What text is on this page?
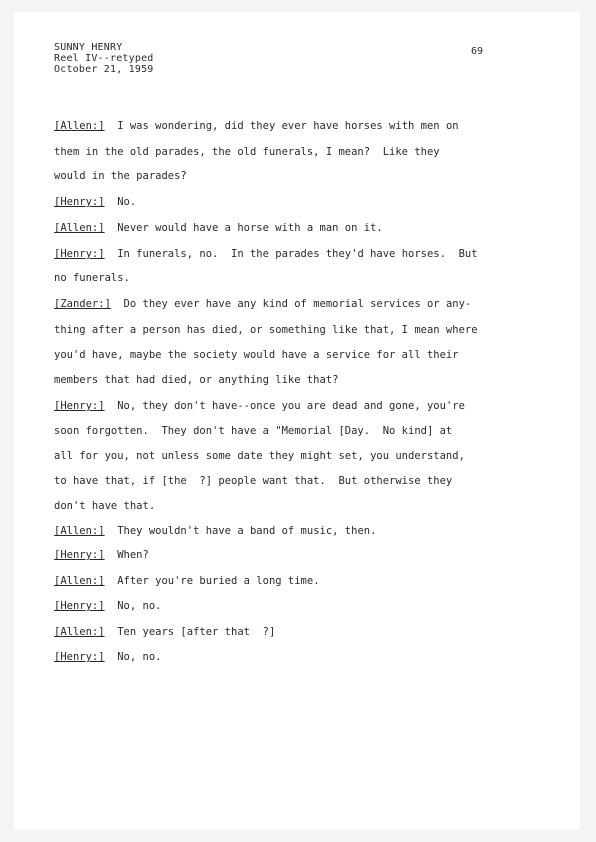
SUNNY HENRY
Reel IV--retyped
October 21, 1959
69
[Allen:]  I was wondering, did they ever have horses with men on
them in the old parades, the old funerals, I mean?  Like they
would in the parades?
[Henry:]  No.
[Allen:]  Never would have a horse with a man on it.
[Henry:]  In funerals, no.  In the parades they'd have horses.  But
no funerals.
[Zander:]  Do they ever have any kind of memorial services or any-
thing after a person has died, or something like that, I mean where
you'd have, maybe the society would have a service for all their
members that had died, or anything like that?
[Henry:]  No, they don't have--once you are dead and gone, you're
soon forgotten.  They don't have a "Memorial [Day.  No kind] at
all for you, not unless some date they might set, you understand,
to have that, if [the  ?] people want that.  But otherwise they
don't have that.
[Allen:]  They wouldn't have a band of music, then.
[Henry:]  When?
[Allen:]  After you're buried a long time.
[Henry:]  No, no.
[Allen:]  Ten years [after that  ?]
[Henry:]  No, no.
